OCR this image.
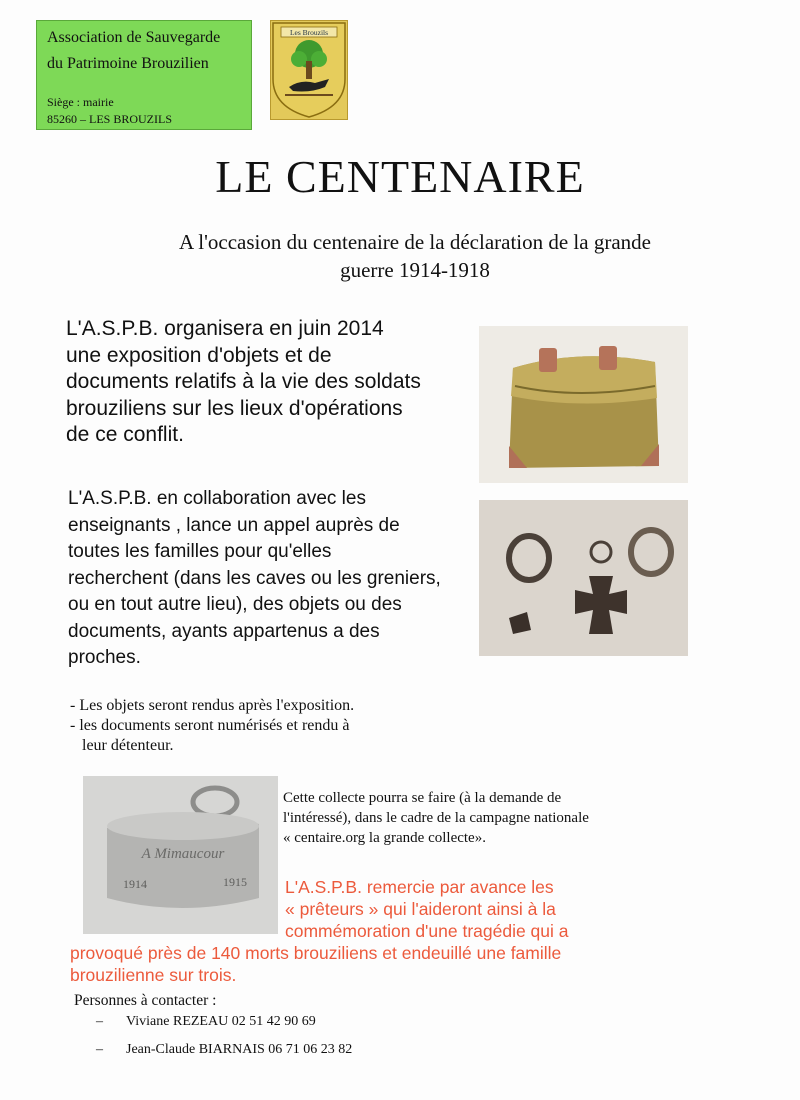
Association de Sauvegarde
du Patrimoine Brouzilien
Siège : mairie
85260 – LES BROUZILS
Les Brouzils
LE CENTENAIRE
A l'occasion du centenaire de la déclaration de la grande
guerre 1914-1918
L'A.S.P.B. organisera en juin 2014
une exposition d'objets et de
documents relatifs à la vie des soldats
brouziliens sur les lieux d'opérations
de ce conflit.
L'A.S.P.B. en collaboration avec les
enseignants , lance un appel auprès de
toutes les familles pour qu'elles
recherchent (dans les caves ou les greniers,
ou en tout autre lieu), des objets ou des
documents, ayants appartenus a des
proches.
- Les objets seront rendus après l'exposition.
- les documents seront numérisés et rendu à
leur détenteur.
Cette collecte pourra se faire (à la demande de
l'intéressé), dans le cadre de la campagne nationale
« centaire.org la grande collecte».
L'A.S.P.B. remercie par avance les
« prêteurs » qui l'aideront ainsi à la
commémoration d'une tragédie qui a
provoqué près de 140 morts brouziliens et endeuillé une famille
brouzilienne sur trois.
Personnes à contacter :
– Viviane REZEAU 02 51 42 90 69
– Jean-Claude BIARNAIS 06 71 06 23 82
A Mimaucour
1914	1915
